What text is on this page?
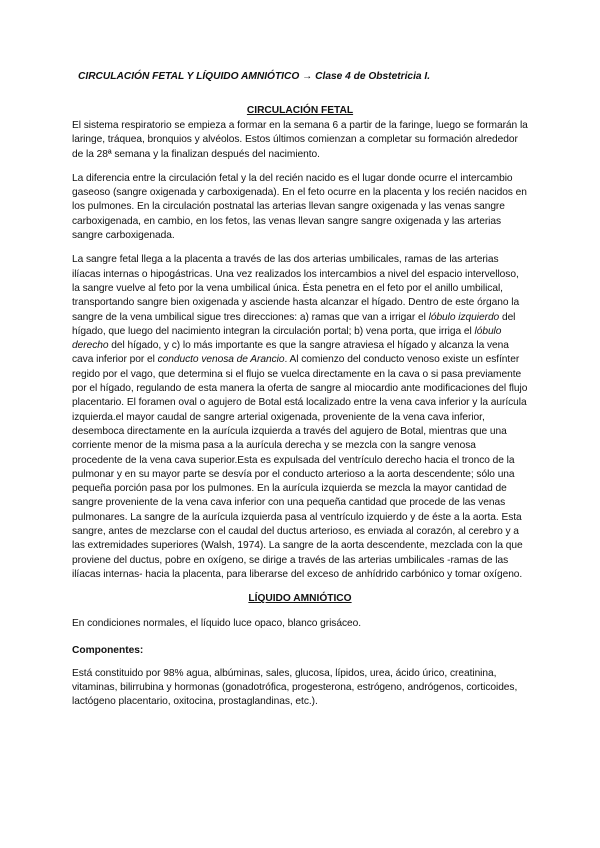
CIRCULACIÓN FETAL Y LÍQUIDO AMNIÓTICO → Clase 4 de Obstetricia I.
CIRCULACIÓN FETAL

El sistema respiratorio se empieza a formar en la semana 6 a partir de la faringe, luego se formarán la laringe, tráquea, bronquios y alvéolos. Estos últimos comienzan a completar su formación alrededor de la 28ª semana y la finalizan después del nacimiento.

La diferencia entre la circulación fetal y la del recién nacido es el lugar donde ocurre el intercambio gaseoso (sangre oxigenada y carboxigenada). En el feto ocurre en la placenta y los recién nacidos en los pulmones. En la circulación postnatal las arterias llevan sangre oxigenada y las venas sangre carboxigenada, en cambio, en los fetos, las venas llevan sangre sangre oxigenada y las arterias sangre carboxigenada.

La sangre fetal llega a la placenta a través de las dos arterias umbilicales, ramas de las arterias ilíacas internas o hipogástricas. Una vez realizados los intercambios a nivel del espacio intervelloso, la sangre vuelve al feto por la vena umbilical única. Ésta penetra en el feto por el anillo umbilical, transportando sangre bien oxigenada y asciende hasta alcanzar el hígado. Dentro de este órgano la sangre de la vena umbilical sigue tres direcciones: a) ramas que van a irrigar el lóbulo izquierdo del hígado, que luego del nacimiento integran la circulación portal; b) vena porta, que irriga el lóbulo derecho del hígado, y c) lo más importante es que la sangre atraviesa el hígado y alcanza la vena cava inferior por el conducto venosa de Arancio. Al comienzo del conducto venoso existe un esfínter regido por el vago, que determina si el flujo se vuelca directamente en la cava o si pasa previamente por el hígado, regulando de esta manera la oferta de sangre al miocardio ante modificaciones del flujo placentario. El foramen oval o agujero de Botal está localizado entre la vena cava inferior y la aurícula izquierda.el mayor caudal de sangre arterial oxigenada, proveniente de la vena cava inferior, desemboca directamente en la aurícula izquierda a través del agujero de Botal, mientras que una corriente menor de la misma pasa a la aurícula derecha y se mezcla con la sangre venosa procedente de la vena cava superior.Esta es expulsada del ventrículo derecho hacia el tronco de la pulmonar y en su mayor parte se desvía por el conducto arterioso a la aorta descendente; sólo una pequeña porción pasa por los pulmones. En la aurícula izquierda se mezcla la mayor cantidad de sangre proveniente de la vena cava inferior con una pequeña cantidad que procede de las venas pulmonares. La sangre de la aurícula izquierda pasa al ventrículo izquierdo y de éste a la aorta. Esta sangre, antes de mezclarse con el caudal del ductus arterioso, es enviada al corazón, al cerebro y a las extremidades superiores (Walsh, 1974). La sangre de la aorta descendente, mezclada con la que proviene del ductus, pobre en oxígeno, se dirige a través de las arterias umbilicales -ramas de las ilíacas internas- hacia la placenta, para liberarse del exceso de anhídrido carbónico y tomar oxígeno.

LÍQUIDO AMNIÓTICO

En condiciones normales, el líquido luce opaco, blanco grisáceo.

Componentes:

Está constituido por 98% agua, albúminas, sales, glucosa, lípidos, urea, ácido úrico, creatinina, vitaminas, bilirrubina y hormonas (gonadotrófica, progesterona, estrógeno, andrógenos, corticoides, lactógeno placentario, oxitocina, prostaglandinas, etc.).
